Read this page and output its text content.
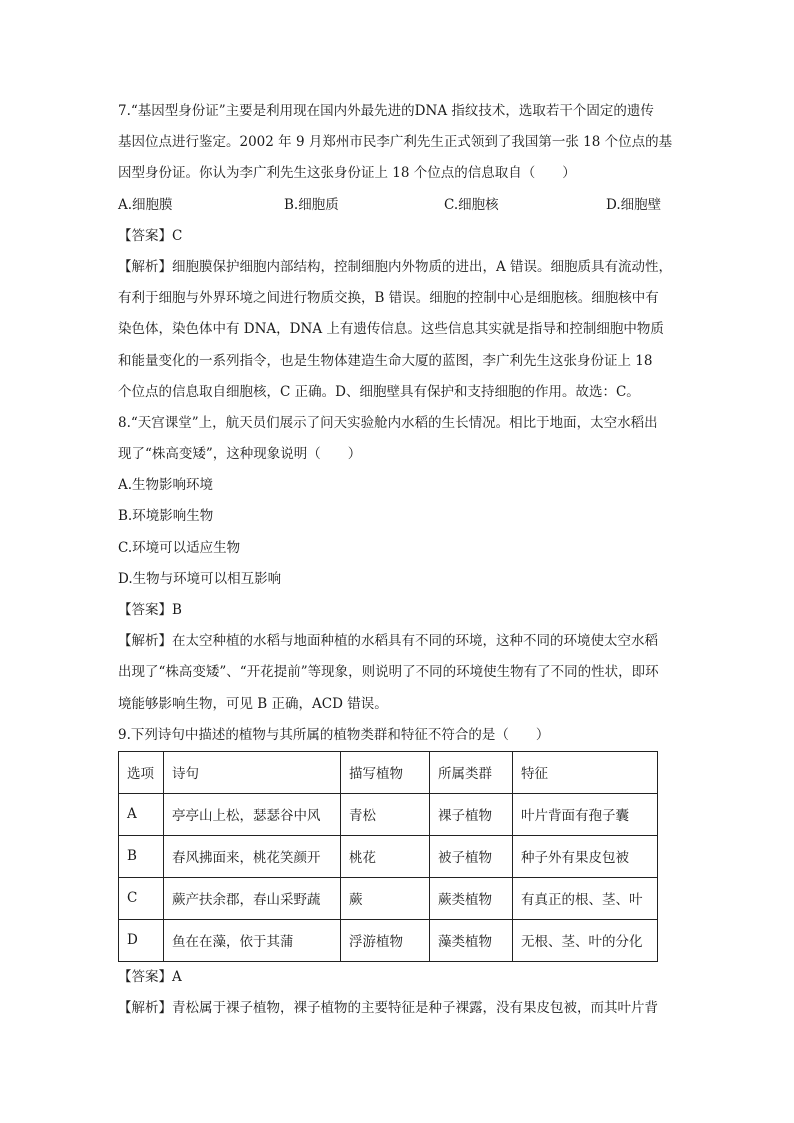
7.“基因型身份证”主要是利用现在国内外最先进的DNA 指纹技术，选取若干个固定的遗传
基因位点进行鉴定。2002 年 9 月郑州市民李广利先生正式领到了我国第一张 18 个位点的基
因型身份证。你认为李广利先生这张身份证上 18 个位点的信息取自（　　）
A.细胞膜	B.细胞质	C.细胞核	D.细胞壁
【答案】C
【解析】细胞膜保护细胞内部结构，控制细胞内外物质的进出，A 错误。细胞质具有流动性，
有利于细胞与外界环境之间进行物质交换，B 错误。细胞的控制中心是细胞核。细胞核中有
染色体，染色体中有 DNA，DNA 上有遗传信息。这些信息其实就是指导和控制细胞中物质
和能量变化的一系列指令，也是生物体建造生命大厦的蓝图，李广利先生这张身份证上 18
个位点的信息取自细胞核，C 正确。D、细胞壁具有保护和支持细胞的作用。故选：C。
8.“天宫课堂”上，航天员们展示了问天实验舱内水稻的生长情况。相比于地面，太空水稻出
现了“株高变矮”，这种现象说明（　　）
A.生物影响环境
B.环境影响生物
C.环境可以适应生物
D.生物与环境可以相互影响
【答案】B
【解析】在太空种植的水稻与地面种植的水稻具有不同的环境，这种不同的环境使太空水稻
出现了“株高变矮”、“开花提前”等现象，则说明了不同的环境使生物有了不同的性状，即环
境能够影响生物，可见 B 正确，ACD 错误。
9.下列诗句中描述的植物与其所属的植物类群和特征不符合的是（　　）
选项	诗句	描写植物	所属类群	特征
A	亭亭山上松，瑟瑟谷中风	青松	裸子植物	叶片背面有孢子囊
B	春风拂面来，桃花笑颜开	桃花	被子植物	种子外有果皮包被
C	蕨产扶余郡，春山采野蔬	蕨	蕨类植物	有真正的根、茎、叶
D	鱼在在藻，依于其蒲	浮游植物	藻类植物	无根、茎、叶的分化
【答案】A
【解析】青松属于裸子植物，裸子植物的主要特征是种子裸露，没有果皮包被，而其叶片背
